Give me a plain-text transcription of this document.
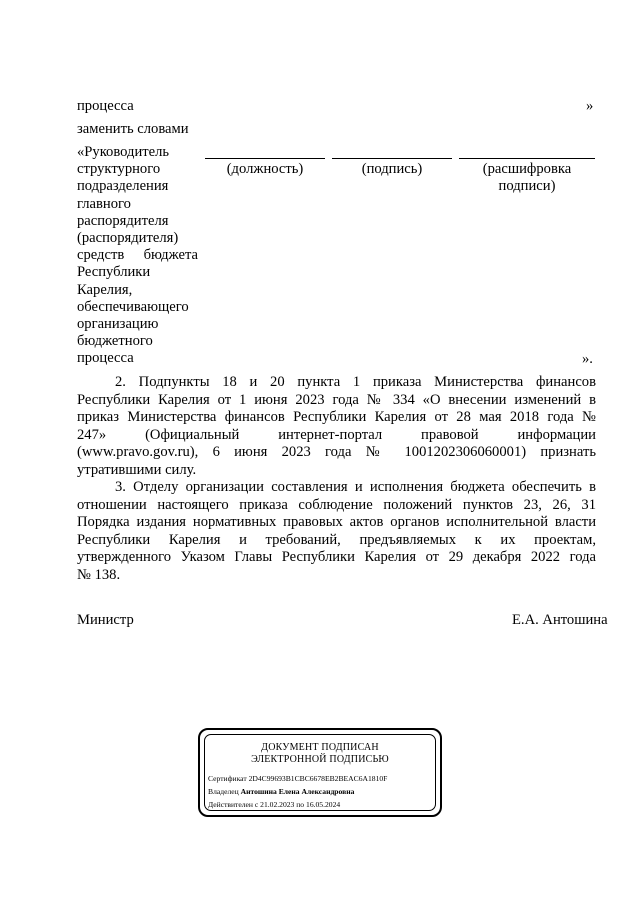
процесса	»
заменить словами
«Руководитель
структурного
подразделения
главного
распорядителя
(распорядителя)
средств бюджета
Республики
Карелия,
обеспечивающего
организацию
бюджетного
процесса	».
(должность)	(подпись)	(расшифровка
подписи)
2. Подпункты 18 и 20 пункта 1 приказа Министерства финансов
Республики Карелия от 1 июня 2023 года № 334 «О внесении изменений в
приказ Министерства финансов Республики Карелия от 28 мая 2018 года №
247» (Официальный интернет-портал правовой информации
(www.pravo.gov.ru), 6 июня 2023 года № 1001202306060001) признать
утратившими силу.
3. Отделу организации составления и исполнения бюджета обеспечить в
отношении настоящего приказа соблюдение положений пунктов 23, 26, 31
Порядка издания нормативных правовых актов органов исполнительной власти
Республики Карелия и требований, предъявляемых к их проектам,
утвержденного Указом Главы Республики Карелия от 29 декабря 2022 года
№ 138.
Министр	Е.А. Антошина
ДОКУМЕНТ ПОДПИСАН
ЭЛЕКТРОННОЙ ПОДПИСЬЮ
Сертификат 2D4C99693B1CBC6678EB2BEAC6A1810F
Владелец Антошина Елена Александровна
Действителен с 21.02.2023 по 16.05.2024
